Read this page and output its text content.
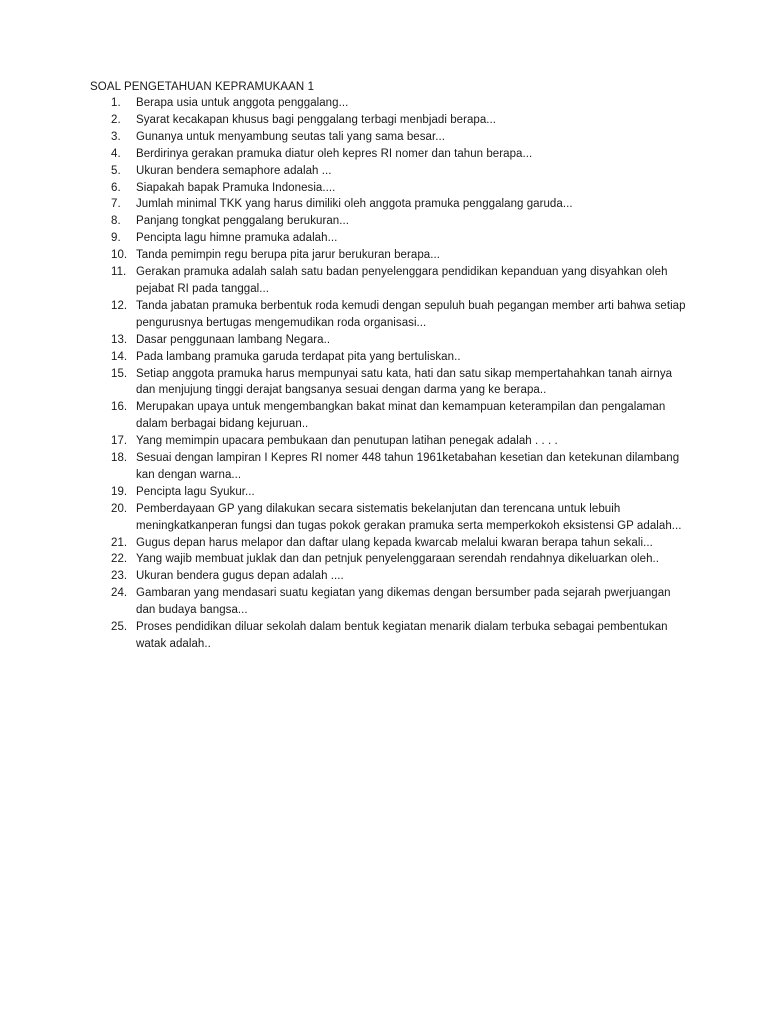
SOAL PENGETAHUAN KEPRAMUKAAN 1
1.	Berapa usia untuk anggota penggalang...
2.	Syarat kecakapan khusus bagi penggalang terbagi menbjadi berapa...
3.	Gunanya untuk menyambung seutas tali yang sama besar...
4.	Berdirinya gerakan pramuka diatur oleh kepres RI nomer dan tahun berapa...
5.	Ukuran bendera semaphore adalah ...
6.	Siapakah bapak Pramuka Indonesia....
7.	Jumlah minimal TKK yang harus dimiliki oleh anggota pramuka penggalang garuda...
8.	Panjang tongkat penggalang berukuran...
9.	Pencipta lagu himne pramuka adalah...
10. Tanda pemimpin regu berupa pita jarur berukuran berapa...
11. Gerakan pramuka adalah salah satu badan penyelenggara pendidikan kepanduan yang disyahkan oleh pejabat RI pada tanggal...
12. Tanda jabatan pramuka berbentuk roda kemudi dengan sepuluh buah pegangan member arti bahwa setiap pengurusnya bertugas mengemudikan roda organisasi...
13. Dasar penggunaan lambang Negara..
14. Pada lambang pramuka garuda terdapat pita yang bertuliskan..
15. Setiap anggota pramuka harus mempunyai satu kata, hati dan satu sikap mempertahahkan tanah airnya dan menjujung tinggi derajat bangsanya sesuai dengan darma yang ke berapa..
16. Merupakan upaya untuk mengembangkan bakat minat dan kemampuan keterampilan dan pengalaman dalam berbagai bidang kejuruan..
17. Yang memimpin upacara pembukaan dan penutupan latihan penegak adalah . . . .
18. Sesuai dengan lampiran I Kepres RI nomer 448 tahun 1961ketabahan kesetian dan ketekunan dilambang kan dengan warna...
19. Pencipta lagu Syukur...
20. Pemberdayaan GP yang dilakukan secara sistematis bekelanjutan dan terencana untuk lebuih meningkatkanperan fungsi dan tugas pokok gerakan pramuka serta memperkokoh eksistensi GP adalah...
21. Gugus depan harus melapor dan daftar ulang kepada kwarcab melalui kwaran berapa tahun sekali...
22. Yang wajib membuat juklak dan dan petnjuk penyelenggaraan serendah rendahnya dikeluarkan oleh..
23. Ukuran bendera gugus depan adalah ....
24. Gambaran yang mendasari suatu kegiatan yang dikemas dengan bersumber pada sejarah pwerjuangan dan budaya bangsa...
25. Proses pendidikan diluar sekolah dalam bentuk kegiatan menarik dialam terbuka sebagai pembentukan watak adalah..
